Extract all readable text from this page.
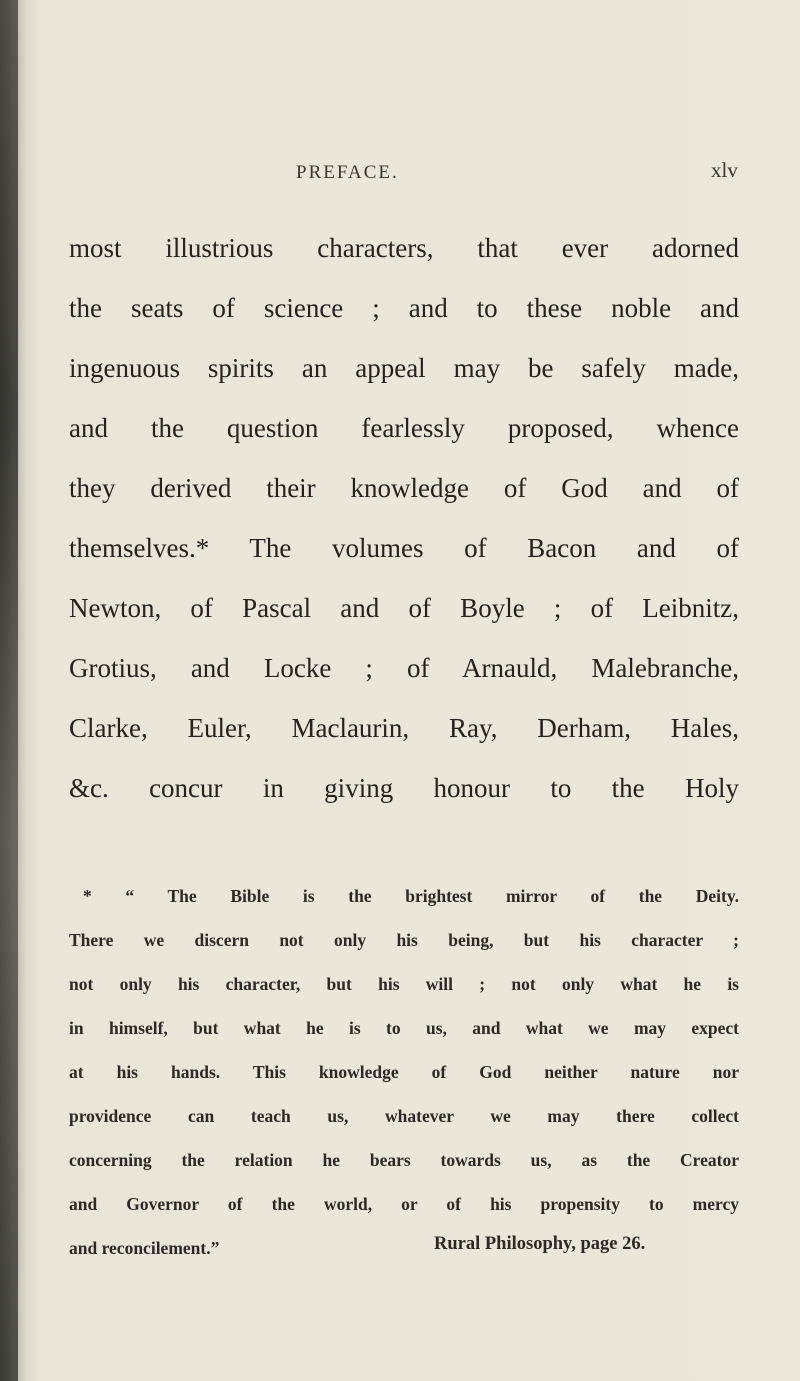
PREFACE.	xlv
most illustrious characters, that ever adorned
the seats of science ; and to these noble and
ingenuous spirits an appeal may be safely made,
and the question fearlessly proposed, whence
they derived their knowledge of God and of
themselves.* The volumes of Bacon and of
Newton, of Pascal and of Boyle ; of Leibnitz,
Grotius, and Locke ; of Arnauld, Malebranche,
Clarke, Euler, Maclaurin, Ray, Derham, Hales,
&c. concur in giving honour to the Holy
* “ The Bible is the brightest mirror of the Deity.
There we discern not only his being, but his character ;
not only his character, but his will ; not only what he is
in himself, but what he is to us, and what we may expect
at his hands. This knowledge of God neither nature nor
providence can teach us, whatever we may there collect
concerning the relation he bears towards us, as the Creator
and Governor of the world, or of his propensity to mercy
and reconcilement.”	Rural Philosophy, page 26.
